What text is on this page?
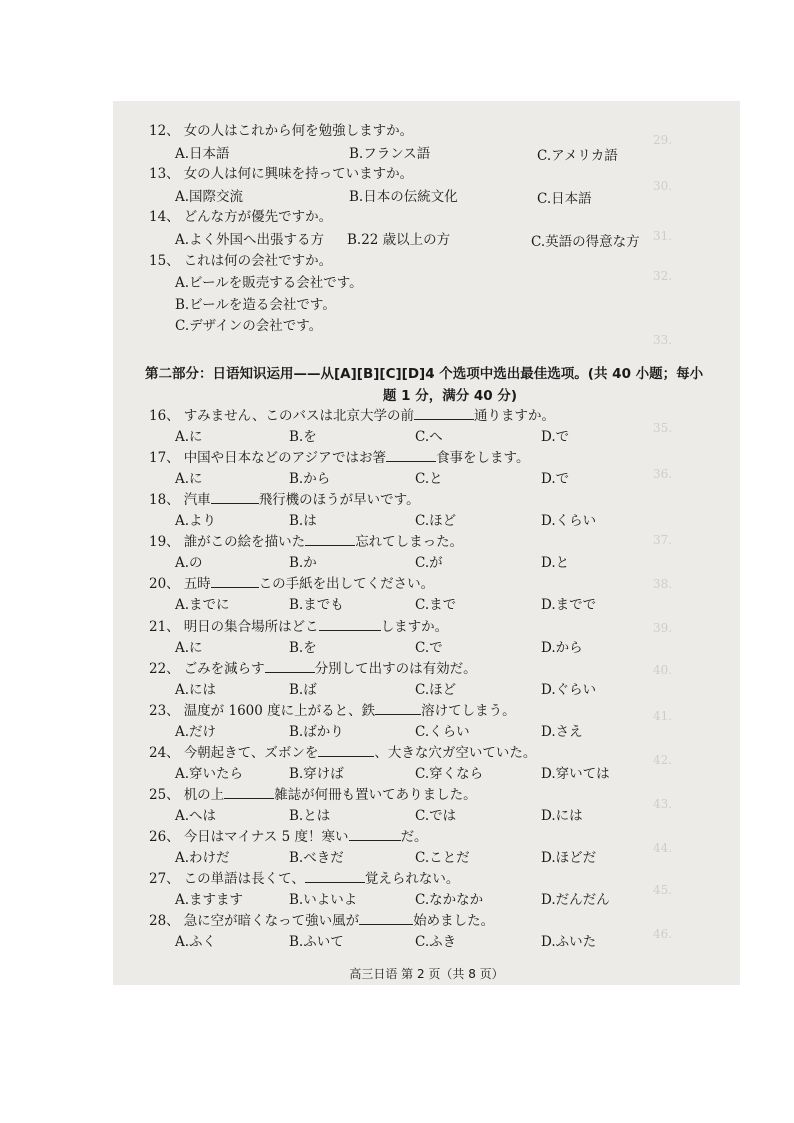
29.
30.
31.
32.
33.
35.
36.
37.
38.
39.
40.
41.
42.
43.
44.
45.
46.
12、 女の人はこれから何を勉強しますか。
A.日本語	B.フランス語	C.アメリカ語
13、 女の人は何に興味を持っていますか。
A.国際交流	B.日本の伝統文化	C.日本語
14、 どんな方が優先ですか。
A.よく外国へ出張する方 B.22 歳以上の方	C.英語の得意な方
15、 これは何の会社ですか。
A.ビールを販売する会社です。
B.ビールを造る会社です。
C.デザインの会社です。
第二部分：日语知识运用——从[A][B][C][D]4 个选项中选出最佳选项。(共 40 小题；每小
题 1 分，满分 40 分)
16、 すみません、このバスは北京大学の前	通りますか。
A.に	B.を	C.へ	D.で
17、 中国や日本などのアジアではお箸	食事をします。
A.に	B.から	C.と	D.で
18、 汽車	飛行機のほうが早いです。
A.より	B.は	C.ほど	D.くらい
19、 誰がこの絵を描いた	忘れてしまった。
A.の	B.か	C.が	D.と
20、 五時	この手紙を出してください。
A.までに	B.までも	C.まで	D.までで
21、 明日の集合場所はどこ	しますか。
A.に	B.を	C.で	D.から
22、 ごみを減らす	分別して出すのは有効だ。
A.には	B.ば	C.ほど	D.ぐらい
23、 温度が 1600 度に上がると、鉄	溶けてしまう。
A.だけ	B.ばかり	C.くらい	D.さえ
24、 今朝起きて、ズボンを	、大きな穴ガ空いていた。
A.穿いたら	B.穿けば	C.穿くなら	D.穿いては
25、 机の上	雑誌が何冊も置いてありました。
A.へは	B.とは	C.では	D.には
26、 今日はマイナス 5 度！寒い	だ。
A.わけだ	B.べきだ	C.ことだ	D.ほどだ
27、 この単語は長くて、	覚えられない。
A.ますます	B.いよいよ	C.なかなか	D.だんだん
28、 急に空が暗くなって強い風が	始めました。
A.ふく	B.ふいて	C.ふき	D.ふいた
高三日语 第 2 页（共 8 页）
